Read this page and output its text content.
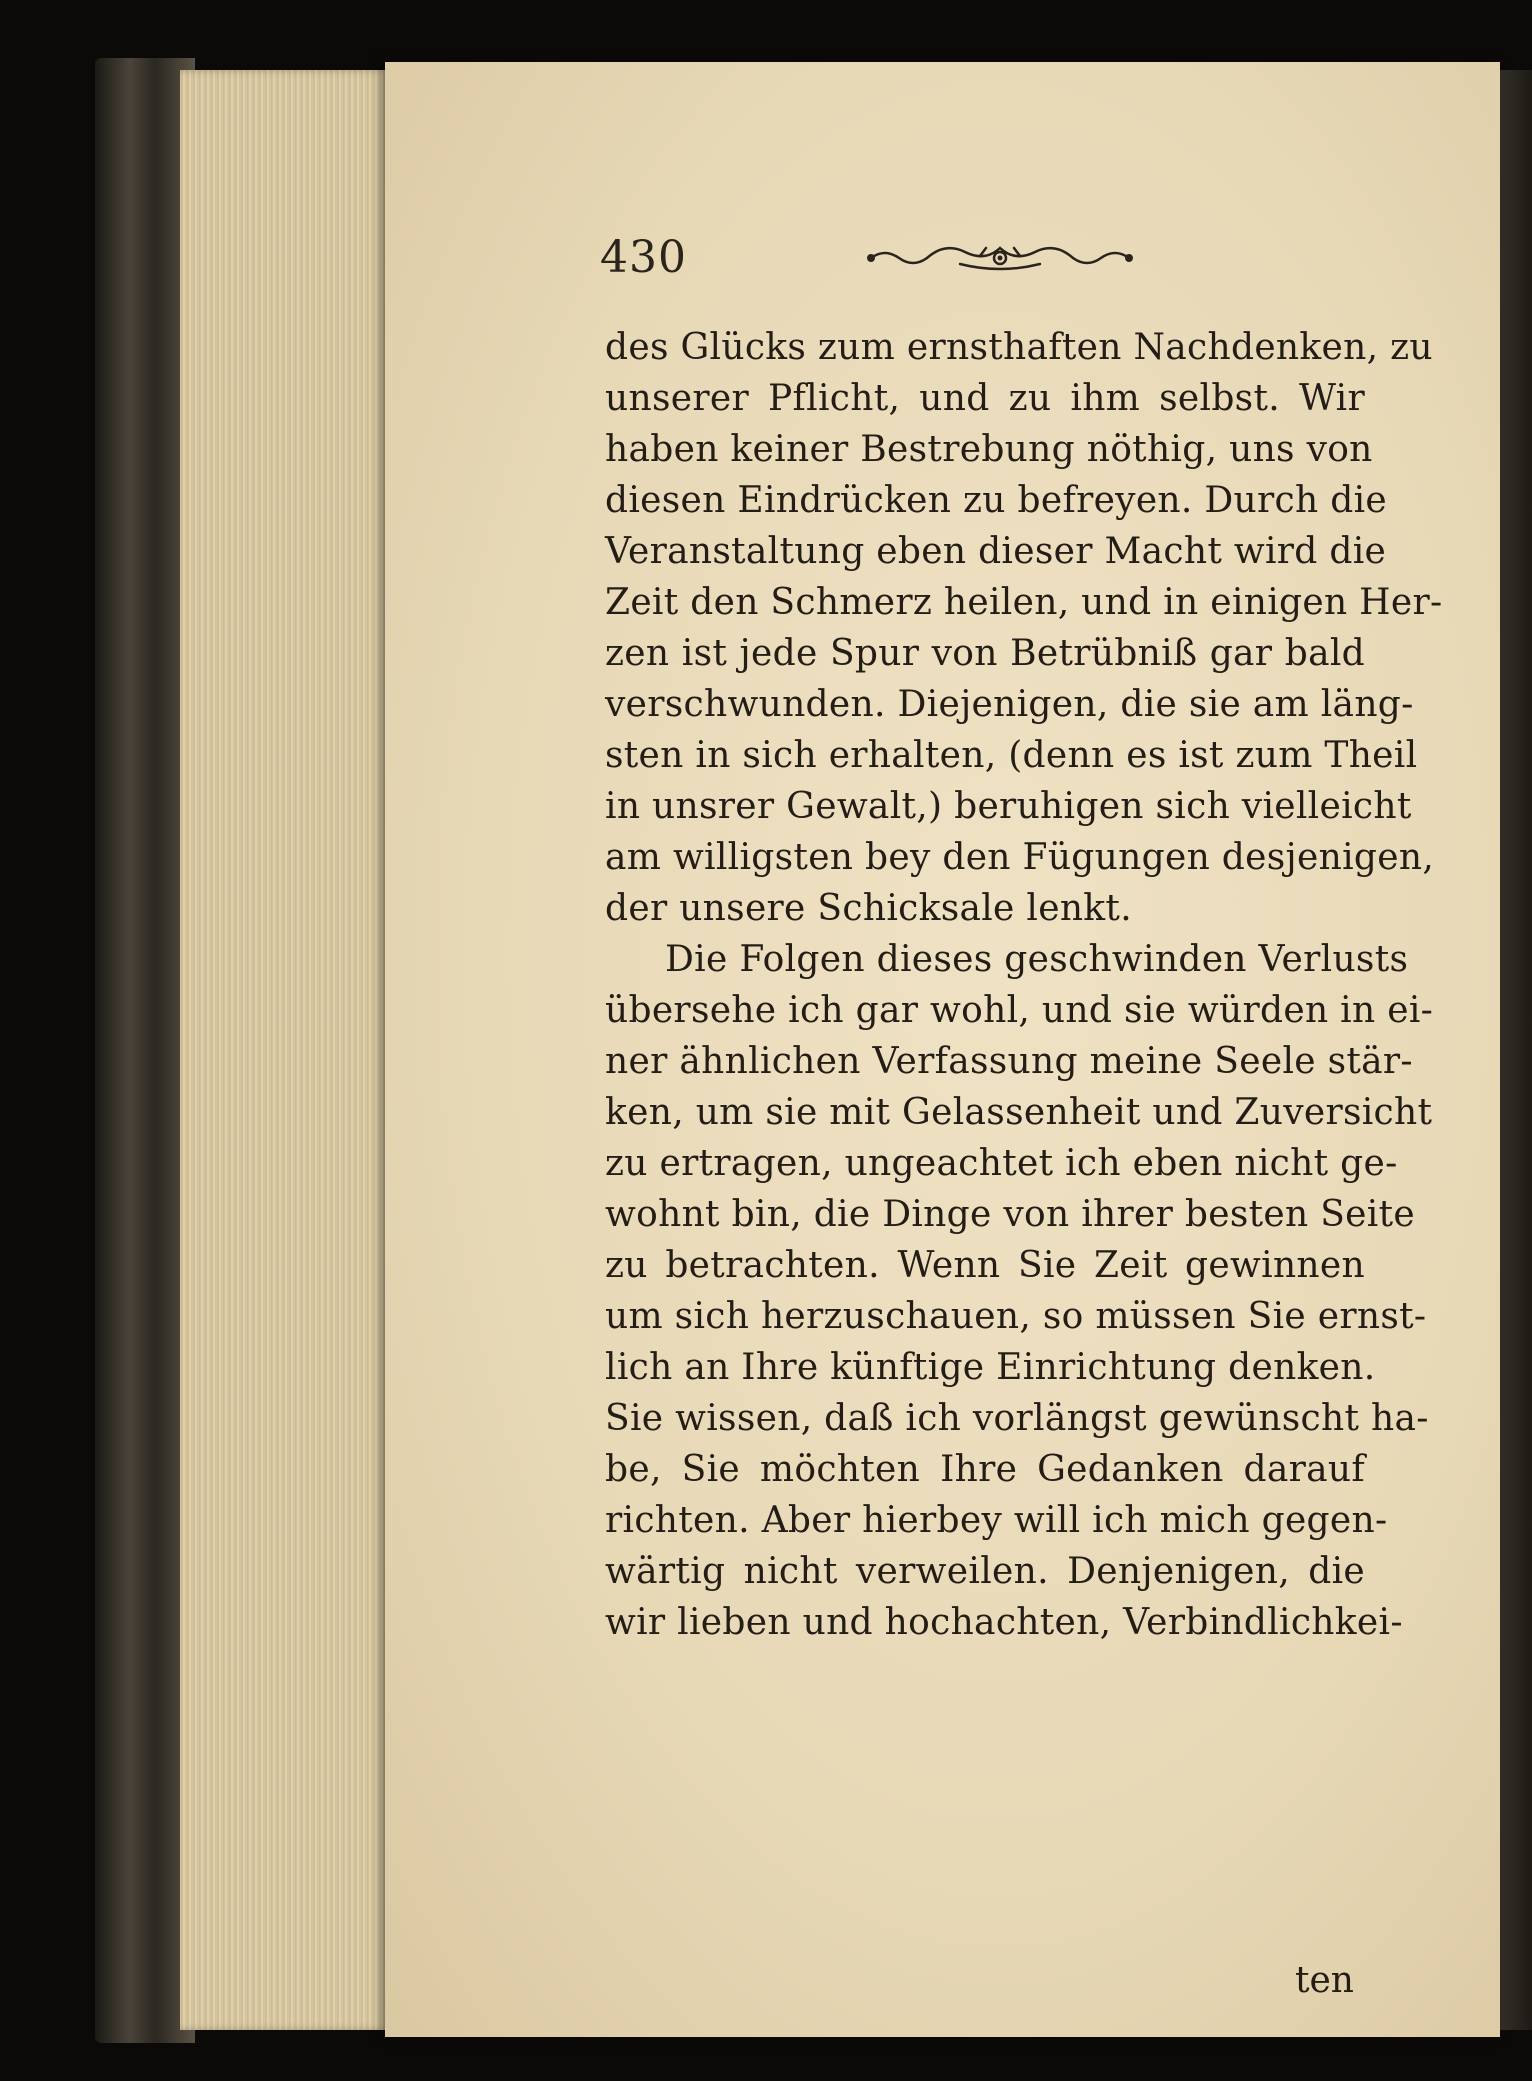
430
des Glücks zum ernsthaften Nachdenken, zu
unserer Pflicht, und zu ihm selbst. Wir
haben keiner Bestrebung nöthig, uns von
diesen Eindrücken zu befreyen. Durch die
Veranstaltung eben dieser Macht wird die
Zeit den Schmerz heilen, und in einigen Her-
zen ist jede Spur von Betrübniß gar bald
verschwunden. Diejenigen, die sie am läng-
sten in sich erhalten, (denn es ist zum Theil
in unsrer Gewalt,) beruhigen sich vielleicht
am willigsten bey den Fügungen desjenigen,
der unsere Schicksale lenkt.
Die Folgen dieses geschwinden Verlusts
übersehe ich gar wohl, und sie würden in ei-
ner ähnlichen Verfassung meine Seele stär-
ken, um sie mit Gelassenheit und Zuversicht
zu ertragen, ungeachtet ich eben nicht ge-
wohnt bin, die Dinge von ihrer besten Seite
zu betrachten. Wenn Sie Zeit gewinnen
um sich herzuschauen, so müssen Sie ernst-
lich an Ihre künftige Einrichtung denken.
Sie wissen, daß ich vorlängst gewünscht ha-
be, Sie möchten Ihre Gedanken darauf
richten. Aber hierbey will ich mich gegen-
wärtig nicht verweilen. Denjenigen, die
wir lieben und hochachten, Verbindlichkei-
ten
